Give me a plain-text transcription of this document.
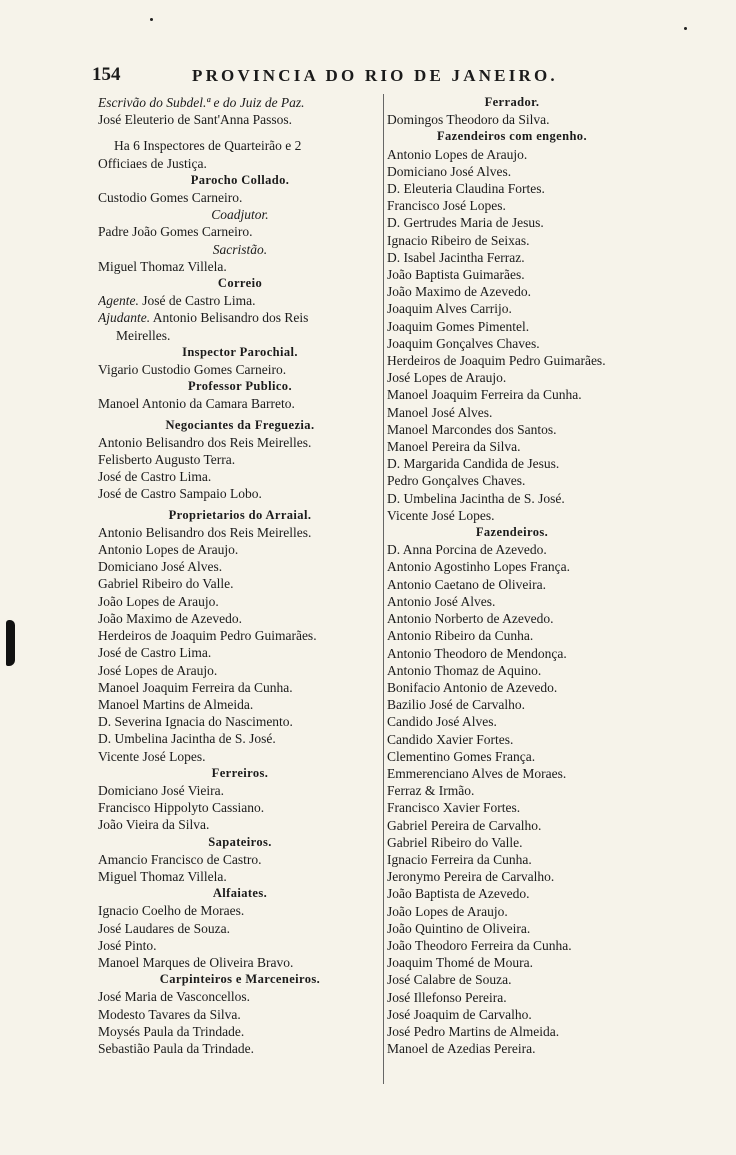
154	PROVINCIA DO RIO DE JANEIRO.
Escrivão do Subdel.ª e do Juiz de Paz.
José Eleuterio de Sant'Anna Passos.
Ha 6 Inspectores de Quarteirão e 2
Officiaes de Justiça.
Parocho Collado.
Custodio Gomes Carneiro.
Coadjutor.
Padre João Gomes Carneiro.
Sacristão.
Miguel Thomaz Villela.
Correio
Agente. José de Castro Lima.
Ajudante. Antonio Belisandro dos Reis
Meirelles.
Inspector Parochial.
Vigario Custodio Gomes Carneiro.
Professor Publico.
Manoel Antonio da Camara Barreto.
Negociantes da Freguezia.
Antonio Belisandro dos Reis Meirelles.
Felisberto Augusto Terra.
José de Castro Lima.
José de Castro Sampaio Lobo.
Proprietarios do Arraial.
Antonio Belisandro dos Reis Meirelles.
Antonio Lopes de Araujo.
Domiciano José Alves.
Gabriel Ribeiro do Valle.
João Lopes de Araujo.
João Maximo de Azevedo.
Herdeiros de Joaquim Pedro Guimarães.
José de Castro Lima.
José Lopes de Araujo.
Manoel Joaquim Ferreira da Cunha.
Manoel Martins de Almeida.
D. Severina Ignacia do Nascimento.
D. Umbelina Jacintha de S. José.
Vicente José Lopes.
Ferreiros.
Domiciano José Vieira.
Francisco Hippolyto Cassiano.
João Vieira da Silva.
Sapateiros.
Amancio Francisco de Castro.
Miguel Thomaz Villela.
Alfaiates.
Ignacio Coelho de Moraes.
José Laudares de Souza.
José Pinto.
Manoel Marques de Oliveira Bravo.
Carpinteiros e Marceneiros.
José Maria de Vasconcellos.
Modesto Tavares da Silva.
Moysés Paula da Trindade.
Sebastião Paula da Trindade.
Ferrador.
Domingos Theodoro da Silva.
Fazendeiros com engenho.
Antonio Lopes de Araujo.
Domiciano José Alves.
D. Eleuteria Claudina Fortes.
Francisco José Lopes.
D. Gertrudes Maria de Jesus.
Ignacio Ribeiro de Seixas.
D. Isabel Jacintha Ferraz.
João Baptista Guimarães.
João Maximo de Azevedo.
Joaquim Alves Carrijo.
Joaquim Gomes Pimentel.
Joaquim Gonçalves Chaves.
Herdeiros de Joaquim Pedro Guimarães.
José Lopes de Araujo.
Manoel Joaquim Ferreira da Cunha.
Manoel José Alves.
Manoel Marcondes dos Santos.
Manoel Pereira da Silva.
D. Margarida Candida de Jesus.
Pedro Gonçalves Chaves.
D. Umbelina Jacintha de S. José.
Vicente José Lopes.
Fazendeiros.
D. Anna Porcina de Azevedo.
Antonio Agostinho Lopes França.
Antonio Caetano de Oliveira.
Antonio José Alves.
Antonio Norberto de Azevedo.
Antonio Ribeiro da Cunha.
Antonio Theodoro de Mendonça.
Antonio Thomaz de Aquino.
Bonifacio Antonio de Azevedo.
Bazilio José de Carvalho.
Candido José Alves.
Candido Xavier Fortes.
Clementino Gomes França.
Emmerenciano Alves de Moraes.
Ferraz & Irmão.
Francisco Xavier Fortes.
Gabriel Pereira de Carvalho.
Gabriel Ribeiro do Valle.
Ignacio Ferreira da Cunha.
Jeronymo Pereira de Carvalho.
João Baptista de Azevedo.
João Lopes de Araujo.
João Quintino de Oliveira.
João Theodoro Ferreira da Cunha.
Joaquim Thomé de Moura.
José Calabre de Souza.
José Illefonso Pereira.
José Joaquim de Carvalho.
José Pedro Martins de Almeida.
Manoel de Azedias Pereira.
